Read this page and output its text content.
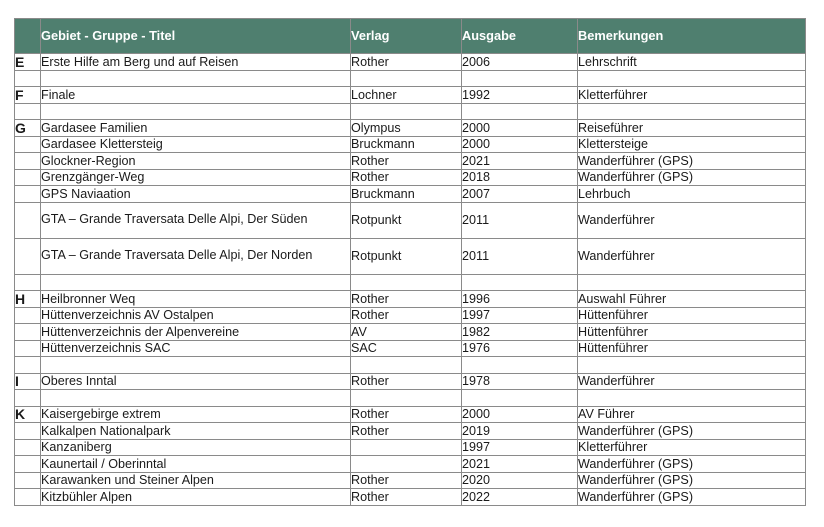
	Gebiet - Gruppe - Titel	Verlag	Ausgabe	Bemerkungen
E	Erste Hilfe am Berg und auf Reisen	Rother	2006	Lehrschrift

F	Finale	Lochner	1992	Kletterführer

G	Gardasee Familien	Olympus	2000	Reiseführer
	Gardasee Klettersteig	Bruckmann	2000	Klettersteige
	Glockner-Region	Rother	2021	Wanderführer (GPS)
	Grenzgänger-Weg	Rother	2018	Wanderführer (GPS)
	GPS Naviaation	Bruckmann	2007	Lehrbuch
	GTA – Grande Traversata Delle Alpi, Der Süden	Rotpunkt	2011	Wanderführer
	GTA – Grande Traversata Delle Alpi, Der Norden	Rotpunkt	2011	Wanderführer

H	Heilbronner Weq	Rother	1996	Auswahl Führer
	Hüttenverzeichnis AV Ostalpen	Rother	1997	Hüttenführer
	Hüttenverzeichnis der Alpenvereine	AV	1982	Hüttenführer
	Hüttenverzeichnis SAC	SAC	1976	Hüttenführer

I	Oberes Inntal	Rother	1978	Wanderführer

K	Kaisergebirge extrem	Rother	2000	AV Führer
	Kalkalpen Nationalpark	Rother	2019	Wanderführer (GPS)
	Kanzaniberg		1997	Kletterführer
	Kaunertail / Oberinntal		2021	Wanderführer (GPS)
	Karawanken und Steiner Alpen	Rother	2020	Wanderführer (GPS)
	Kitzbühler Alpen	Rother	2022	Wanderführer (GPS)
